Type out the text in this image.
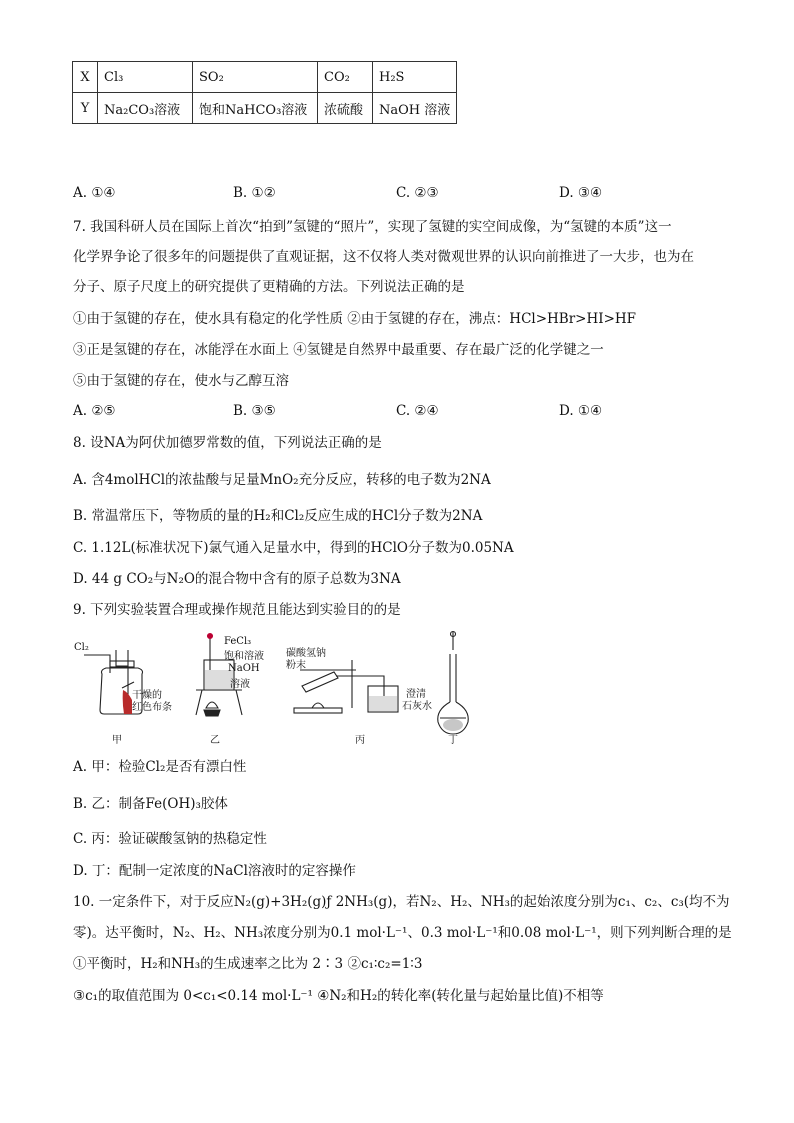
X	Cl₃	SO₂	CO₂	H₂S
Y	Na₂CO₃溶液	饱和NaHCO₃溶液	浓硫酸	NaOH 溶液
A. ①④	B. ①②	C. ②③	D. ③④
7. 我国科研人员在国际上首次“拍到”氢键的“照片”，实现了氢键的实空间成像，为“氢键的本质”这一
化学界争论了很多年的问题提供了直观证据，这不仅将人类对微观世界的认识向前推进了一大步，也为在
分子、原子尺度上的研究提供了更精确的方法。下列说法正确的是
①由于氢键的存在，使水具有稳定的化学性质 ②由于氢键的存在，沸点：HCl>HBr>HI>HF
③正是氢键的存在，冰能浮在水面上 ④氢键是自然界中最重要、存在最广泛的化学键之一
⑤由于氢键的存在，使水与乙醇互溶
A. ②⑤	B. ③⑤	C. ②④	D. ①④
8. 设NA为阿伏加德罗常数的值，下列说法正确的是
A. 含4molHCl的浓盐酸与足量MnO₂充分反应，转移的电子数为2NA
B. 常温常压下，等物质的量的H₂和Cl₂反应生成的HCl分子数为2NA
C. 1.12L(标准状况下)氯气通入足量水中，得到的HClO分子数为0.05NA
D. 44 g CO₂与N₂O的混合物中含有的原子总数为3NA
9. 下列实验装置合理或操作规范且能达到实验目的的是
Cl₂
干燥的
红色布条
FeCl₃
饱和溶液
NaOH
溶液
碳酸氢钠
粉末
澄清
石灰水
甲	乙	丙	丁
A. 甲：检验Cl₂是否有漂白性
B. 乙：制备Fe(OH)₃胶体
C. 丙：验证碳酸氢钠的热稳定性
D. 丁：配制一定浓度的NaCl溶液时的定容操作
10. 一定条件下，对于反应N₂(g)+3H₂(g)ƒ 2NH₃(g)，若N₂、H₂、NH₃的起始浓度分别为c₁、c₂、c₃(均不为
零)。达平衡时，N₂、H₂、NH₃浓度分别为0.1 mol·L⁻¹、0.3 mol·L⁻¹和0.08 mol·L⁻¹，则下列判断合理的是
①平衡时，H₂和NH₃的生成速率之比为 2∶3 ②c₁∶c₂=1∶3
③c₁的取值范围为 0<c₁<0.14 mol·L⁻¹ ④N₂和H₂的转化率(转化量与起始量比值)不相等
